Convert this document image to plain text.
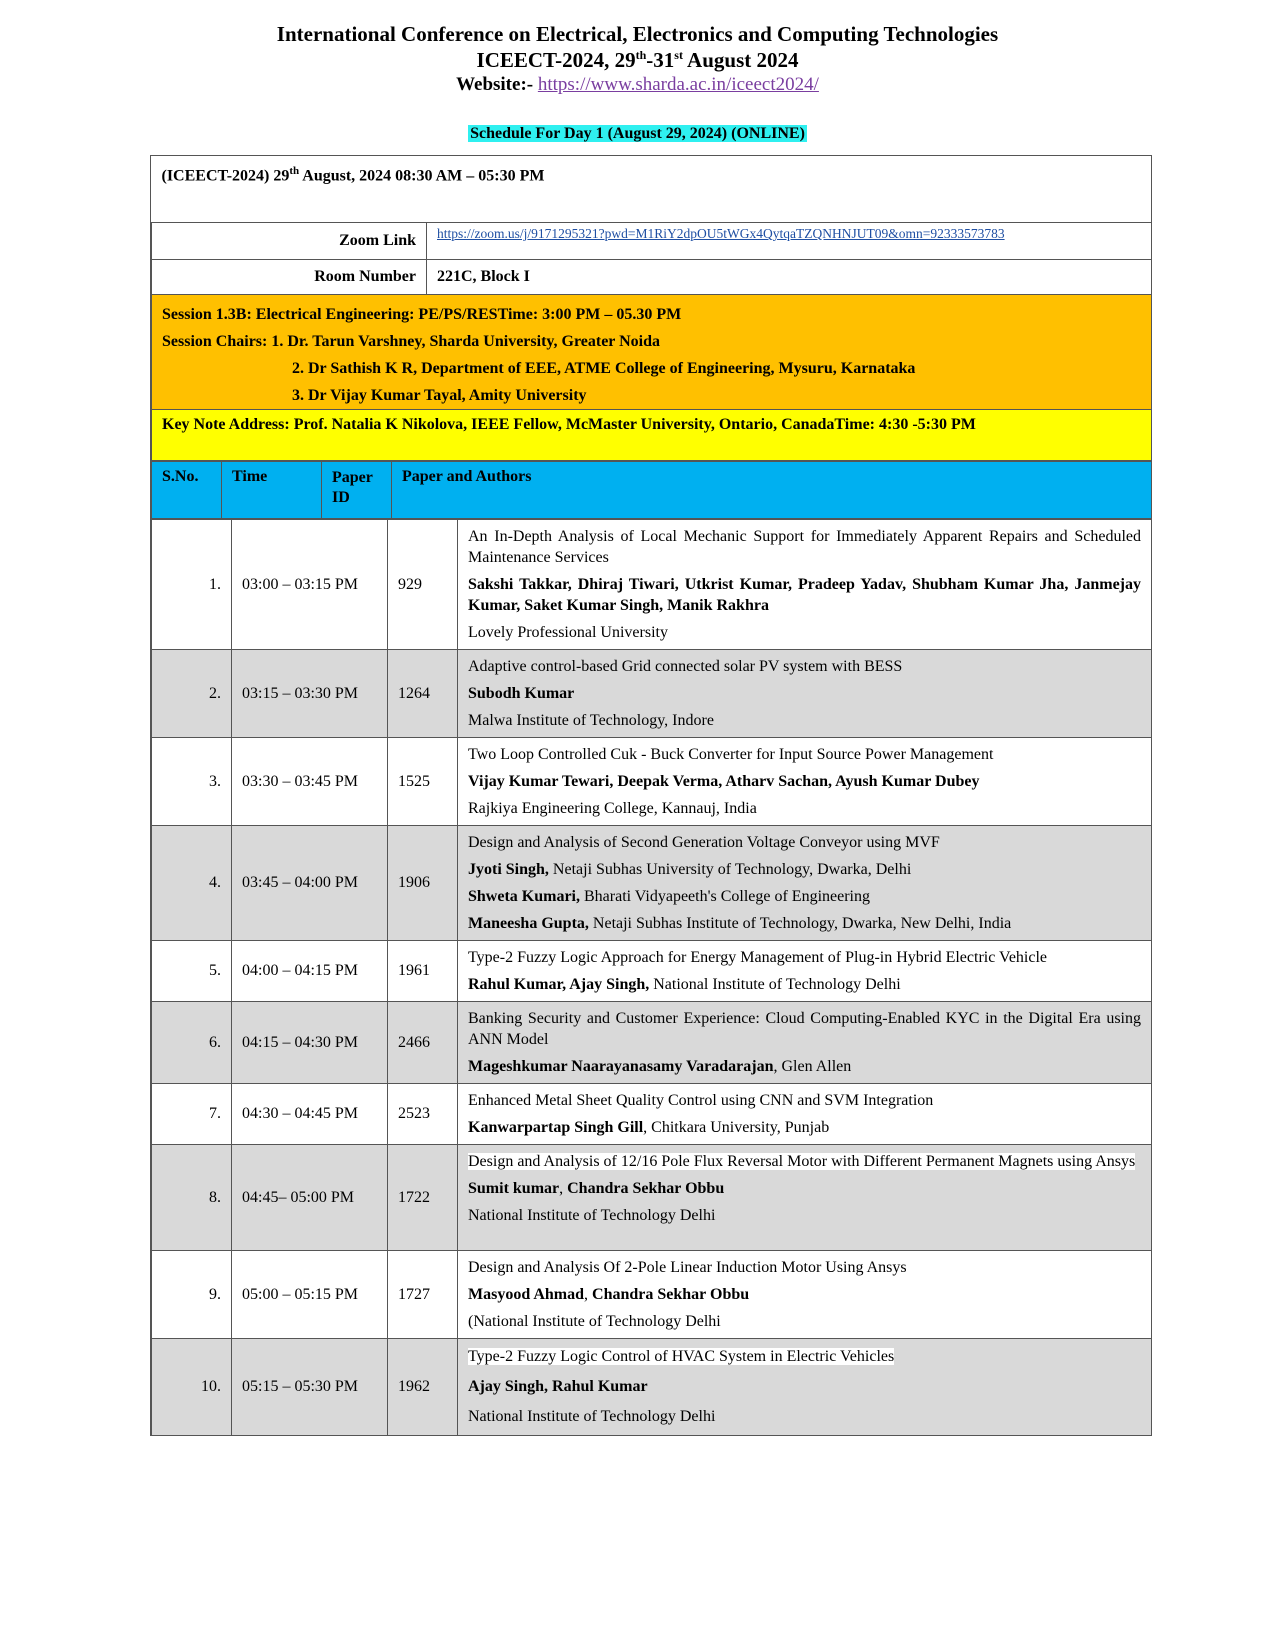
International Conference on Electrical, Electronics and Computing Technologies
ICEECT-2024, 29th-31st August 2024
Website:- https://www.sharda.ac.in/iceect2024/
Schedule For Day 1 (August 29, 2024) (ONLINE)
(ICEECT-2024) 29th August, 2024 08:30 AM – 05:30 PM	
Zoom Link	https://zoom.us/j/9171295321?pwd=M1RiY2dpOU5tWGx4QytqaTZQNHNJUT09&omn=92333573783
Room Number	221C, Block I

Session 1.3B: Electrical Engineering: PE/PS/RESTime: 3:00 PM – 05.30 PM
Session Chairs: 1. Dr. Tarun Varshney, Sharda University, Greater Noida
2. Dr Sathish K R, Department of EEE, ATME College of Engineering, Mysuru, Karnataka
3. Dr Vijay Kumar Tayal, Amity University	

Key Note Address: Prof. Natalia K Nikolova, IEEE Fellow, McMaster University, Ontario, CanadaTime: 4:30 -5:30 PM	
S.No.	Time	Paper ID	Paper and Authors
1.	03:00 – 03:15 PM	929	An In-Depth Analysis of Local Mechanic Support for Immediately Apparent Repairs and Scheduled Maintenance Services
Sakshi Takkar, Dhiraj Tiwari, Utkrist Kumar, Pradeep Yadav, Shubham Kumar Jha, Janmejay Kumar, Saket Kumar Singh, Manik Rakhra
Lovely Professional University

2.	03:15 – 03:30 PM	1264	Adaptive control-based Grid connected solar PV system with BESS
Subodh Kumar
Malwa Institute of Technology, Indore

3.	03:30 – 03:45 PM	1525	Two Loop Controlled Cuk - Buck Converter for Input Source Power Management
Vijay Kumar Tewari, Deepak Verma, Atharv Sachan, Ayush Kumar Dubey
Rajkiya Engineering College, Kannauj, India

4.	03:45 – 04:00 PM	1906	Design and Analysis of Second Generation Voltage Conveyor using MVF
Jyoti Singh, Netaji Subhas University of Technology, Dwarka, Delhi
Shweta Kumari, Bharati Vidyapeeth's College of Engineering
Maneesha Gupta, Netaji Subhas Institute of Technology, Dwarka, New Delhi, India

5.	04:00 – 04:15 PM	1961	Type-2 Fuzzy Logic Approach for Energy Management of Plug-in Hybrid Electric Vehicle
Rahul Kumar, Ajay Singh, National Institute of Technology Delhi

6.	04:15 – 04:30 PM	2466	Banking Security and Customer Experience: Cloud Computing-Enabled KYC in the Digital Era using ANN Model
Mageshkumar Naarayanasamy Varadarajan, Glen Allen

7.	04:30 – 04:45 PM	2523	Enhanced Metal Sheet Quality Control using CNN and SVM Integration
Kanwarpartap Singh Gill, Chitkara University, Punjab

8.	04:45– 05:00 PM	1722	Design and Analysis of 12/16 Pole Flux Reversal Motor with Different Permanent Magnets using Ansys
Sumit kumar, Chandra Sekhar Obbu
National Institute of Technology Delhi

9.	05:00 – 05:15 PM	1727	Design and Analysis Of 2-Pole Linear Induction Motor Using Ansys
Masyood Ahmad, Chandra Sekhar Obbu
(National Institute of Technology Delhi

10.	05:15 – 05:30 PM	1962	Type-2 Fuzzy Logic Control of HVAC System in Electric Vehicles
Ajay Singh, Rahul Kumar
National Institute of Technology Delhi
